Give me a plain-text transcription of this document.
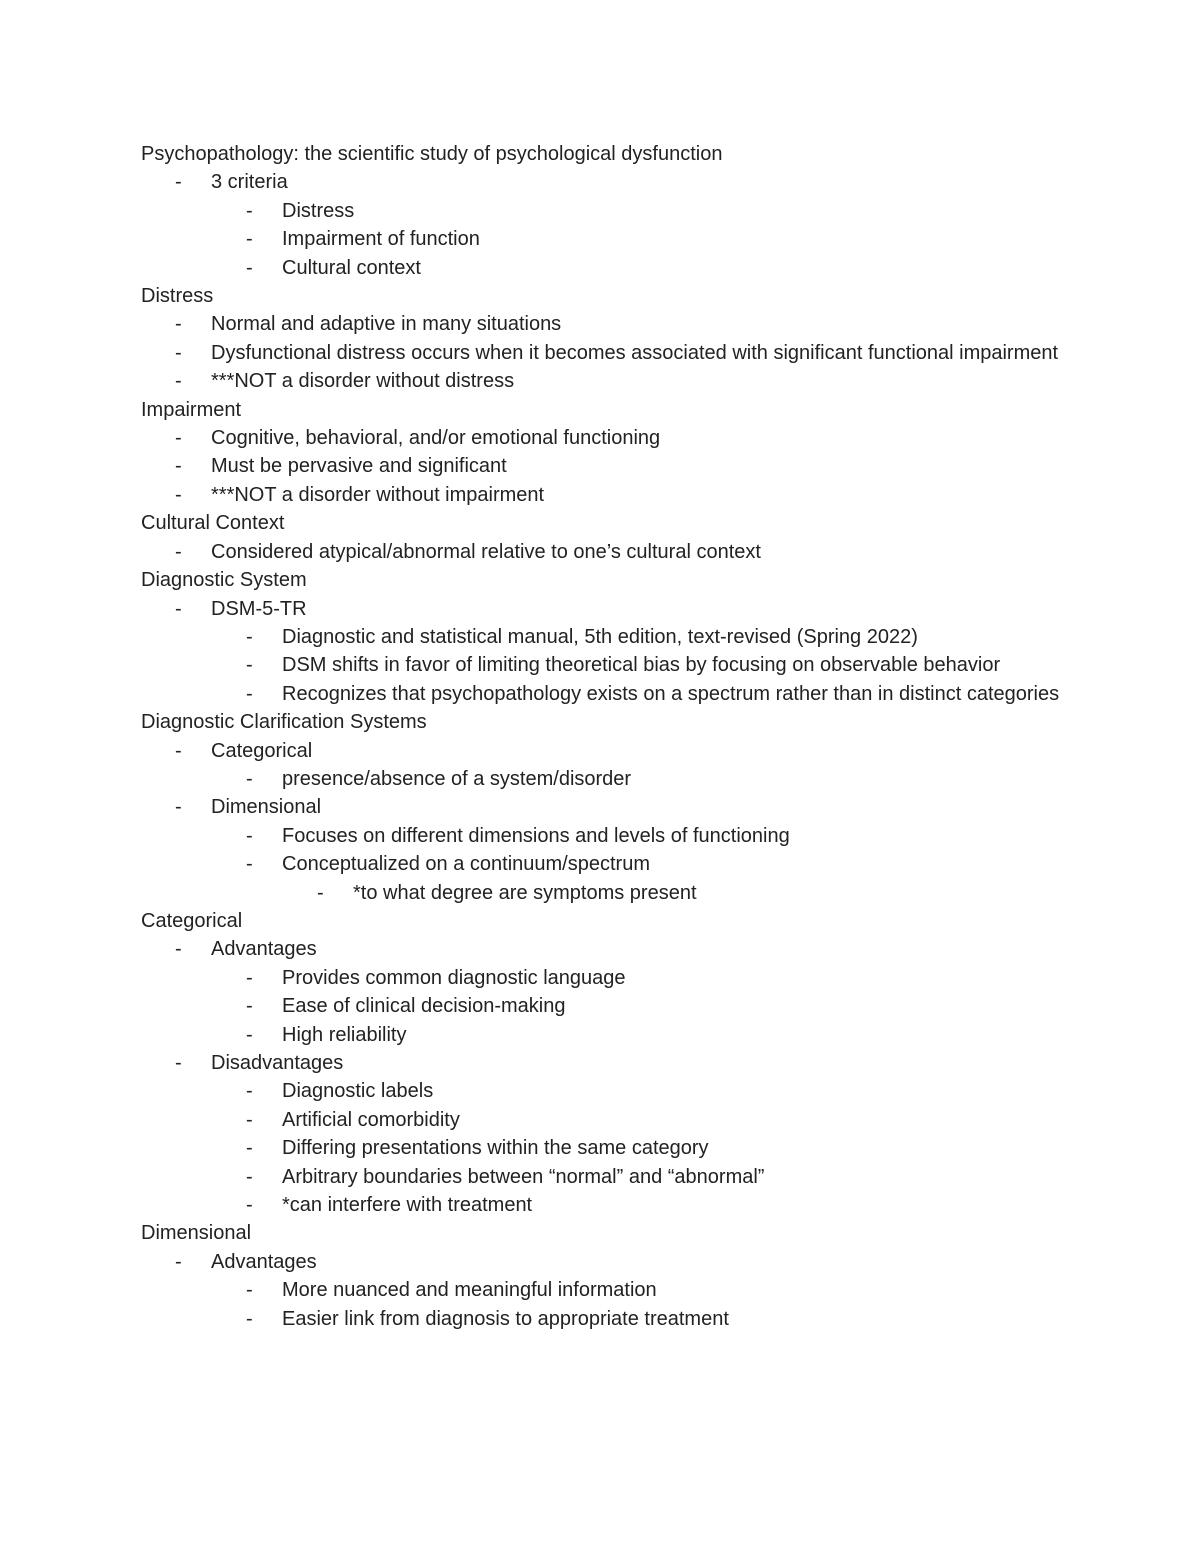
Psychopathology: the scientific study of psychological dysfunction
-	3 criteria
-	Distress
-	Impairment of function
-	Cultural context
Distress
-	Normal and adaptive in many situations
-	Dysfunctional distress occurs when it becomes associated with significant functional impairment
-	***NOT a disorder without distress
Impairment
-	Cognitive, behavioral, and/or emotional functioning
-	Must be pervasive and significant
-	***NOT a disorder without impairment
Cultural Context
-	Considered atypical/abnormal relative to one’s cultural context
Diagnostic System
-	DSM-5-TR
-	Diagnostic and statistical manual, 5th edition, text-revised (Spring 2022)
-	DSM shifts in favor of limiting theoretical bias by focusing on observable behavior
-	Recognizes that psychopathology exists on a spectrum rather than in distinct categories
Diagnostic Clarification Systems
-	Categorical
-	presence/absence of a system/disorder
-	Dimensional
-	Focuses on different dimensions and levels of functioning
-	Conceptualized on a continuum/spectrum
-	*to what degree are symptoms present
Categorical
-	Advantages
-	Provides common diagnostic language
-	Ease of clinical decision-making
-	High reliability
-	Disadvantages
-	Diagnostic labels
-	Artificial comorbidity
-	Differing presentations within the same category
-	Arbitrary boundaries between “normal” and “abnormal”
-	*can interfere with treatment
Dimensional
-	Advantages
-	More nuanced and meaningful information
-	Easier link from diagnosis to appropriate treatment
